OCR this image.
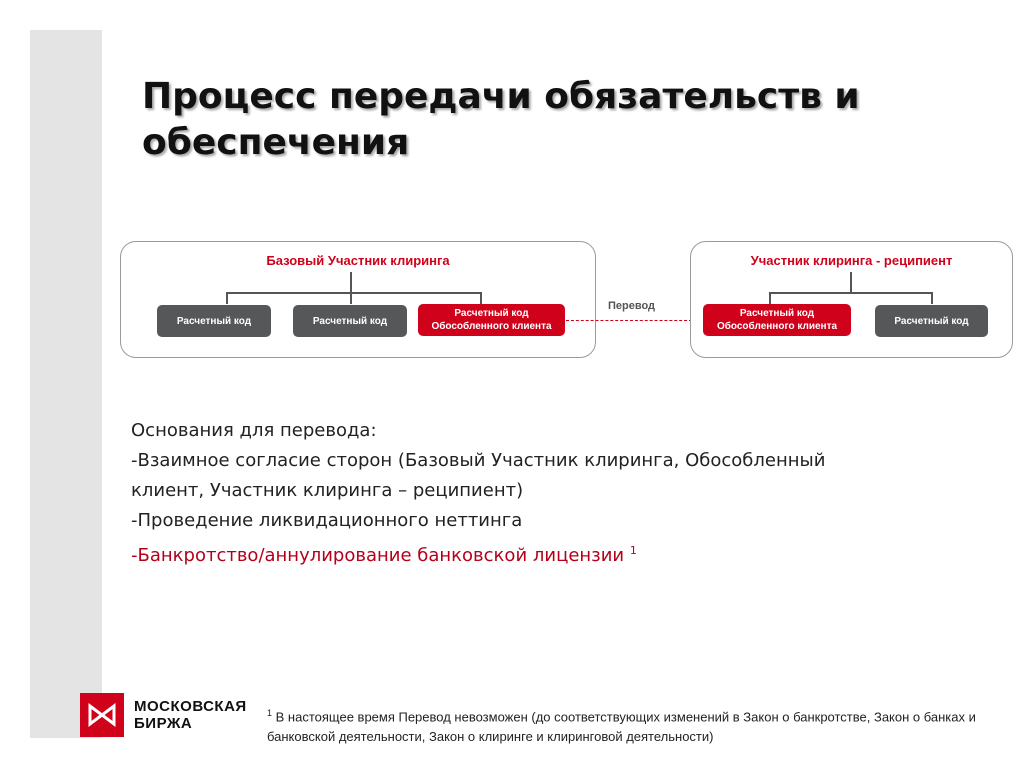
Процесс передачи обязательств и обеспечения
Базовый Участник клиринга
Расчетный код	Расчетный код
Расчетный код Обособленного клиента
Перевод
Участник клиринга - реципиент
Расчетный код Обособленного клиента	Расчетный код
Основания для перевода:
-Взаимное согласие сторон (Базовый Участник клиринга, Обособленный
клиент, Участник клиринга – реципиент)
-Проведение ликвидационного неттинга
-Банкротство/аннулирование банковской лицензии $^1$
МОСКОВСКАЯ
БИРЖА
$^1$ В настоящее время Перевод невозможен (до соответствующих изменений в Закон о банкротстве, Закон о банках и банковской деятельности, Закон о клиринге и клиринговой деятельности)
